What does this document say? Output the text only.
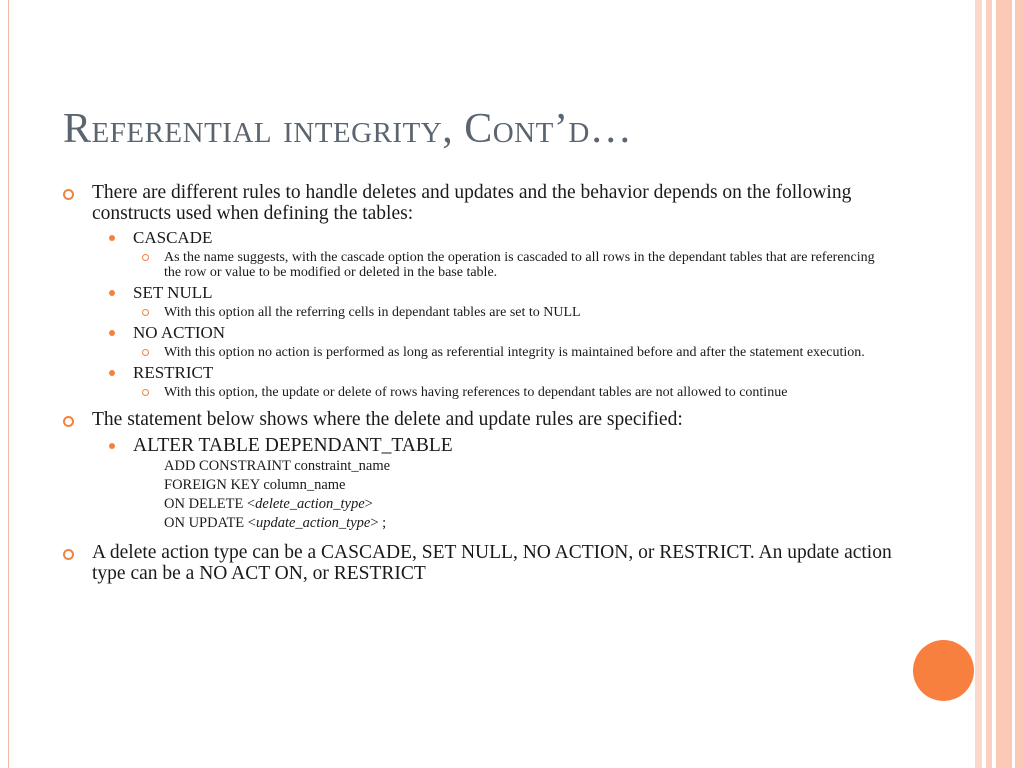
Referential integrity, Cont’d…
There are different rules to handle deletes and updates and the behavior depends on the following constructs used when defining the tables:
CASCADE
As the name suggests, with the cascade option the operation is cascaded to all rows in the dependant tables that are referencing the row or value to be modified or deleted in the base table.
SET NULL
With this option all the referring cells in dependant tables are set to NULL
NO ACTION
With this option no action is performed as long as referential integrity is maintained before and after the statement execution.
RESTRICT
With this option, the update or delete of rows having references to dependant tables are not allowed to continue
The statement below shows where the delete and update rules are specified:
ALTER TABLE DEPENDANT_TABLE
ADD CONSTRAINT constraint_name
FOREIGN KEY column_name
ON DELETE <delete_action_type>
ON UPDATE <update_action_type> ;
A delete action type can be a CASCADE, SET NULL, NO ACTION, or RESTRICT. An update action type can be a NO ACT ON, or RESTRICT
